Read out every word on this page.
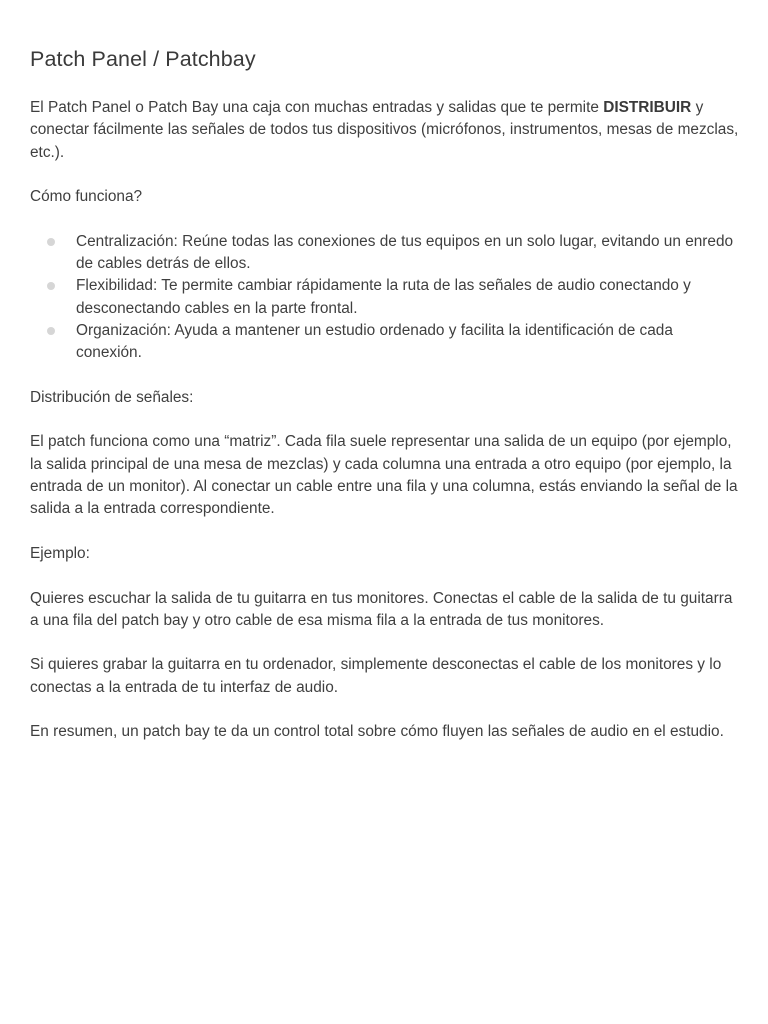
Patch Panel / Patchbay

El Patch Panel o Patch Bay una caja con muchas entradas y salidas que te permite DISTRIBUIR y conectar fácilmente las señales de todos tus dispositivos (micrófonos, instrumentos, mesas de mezclas, etc.).

Cómo funciona?

Centralización: Reúne todas las conexiones de tus equipos en un solo lugar, evitando un enredo de cables detrás de ellos.
Flexibilidad: Te permite cambiar rápidamente la ruta de las señales de audio conectando y desconectando cables en la parte frontal.
Organización: Ayuda a mantener un estudio ordenado y facilita la identificación de cada conexión.

Distribución de señales:

El patch funciona como una “matriz”. Cada fila suele representar una salida de un equipo (por ejemplo, la salida principal de una mesa de mezclas) y cada columna una entrada a otro equipo (por ejemplo, la entrada de un monitor). Al conectar un cable entre una fila y una columna, estás enviando la señal de la salida a la entrada correspondiente.

Ejemplo:

Quieres escuchar la salida de tu guitarra en tus monitores. Conectas el cable de la salida de tu guitarra a una fila del patch bay y otro cable de esa misma fila a la entrada de tus monitores.

Si quieres grabar la guitarra en tu ordenador, simplemente desconectas el cable de los monitores y lo conectas a la entrada de tu interfaz de audio.

En resumen, un patch bay te da un control total sobre cómo fluyen las señales de audio en el estudio.
